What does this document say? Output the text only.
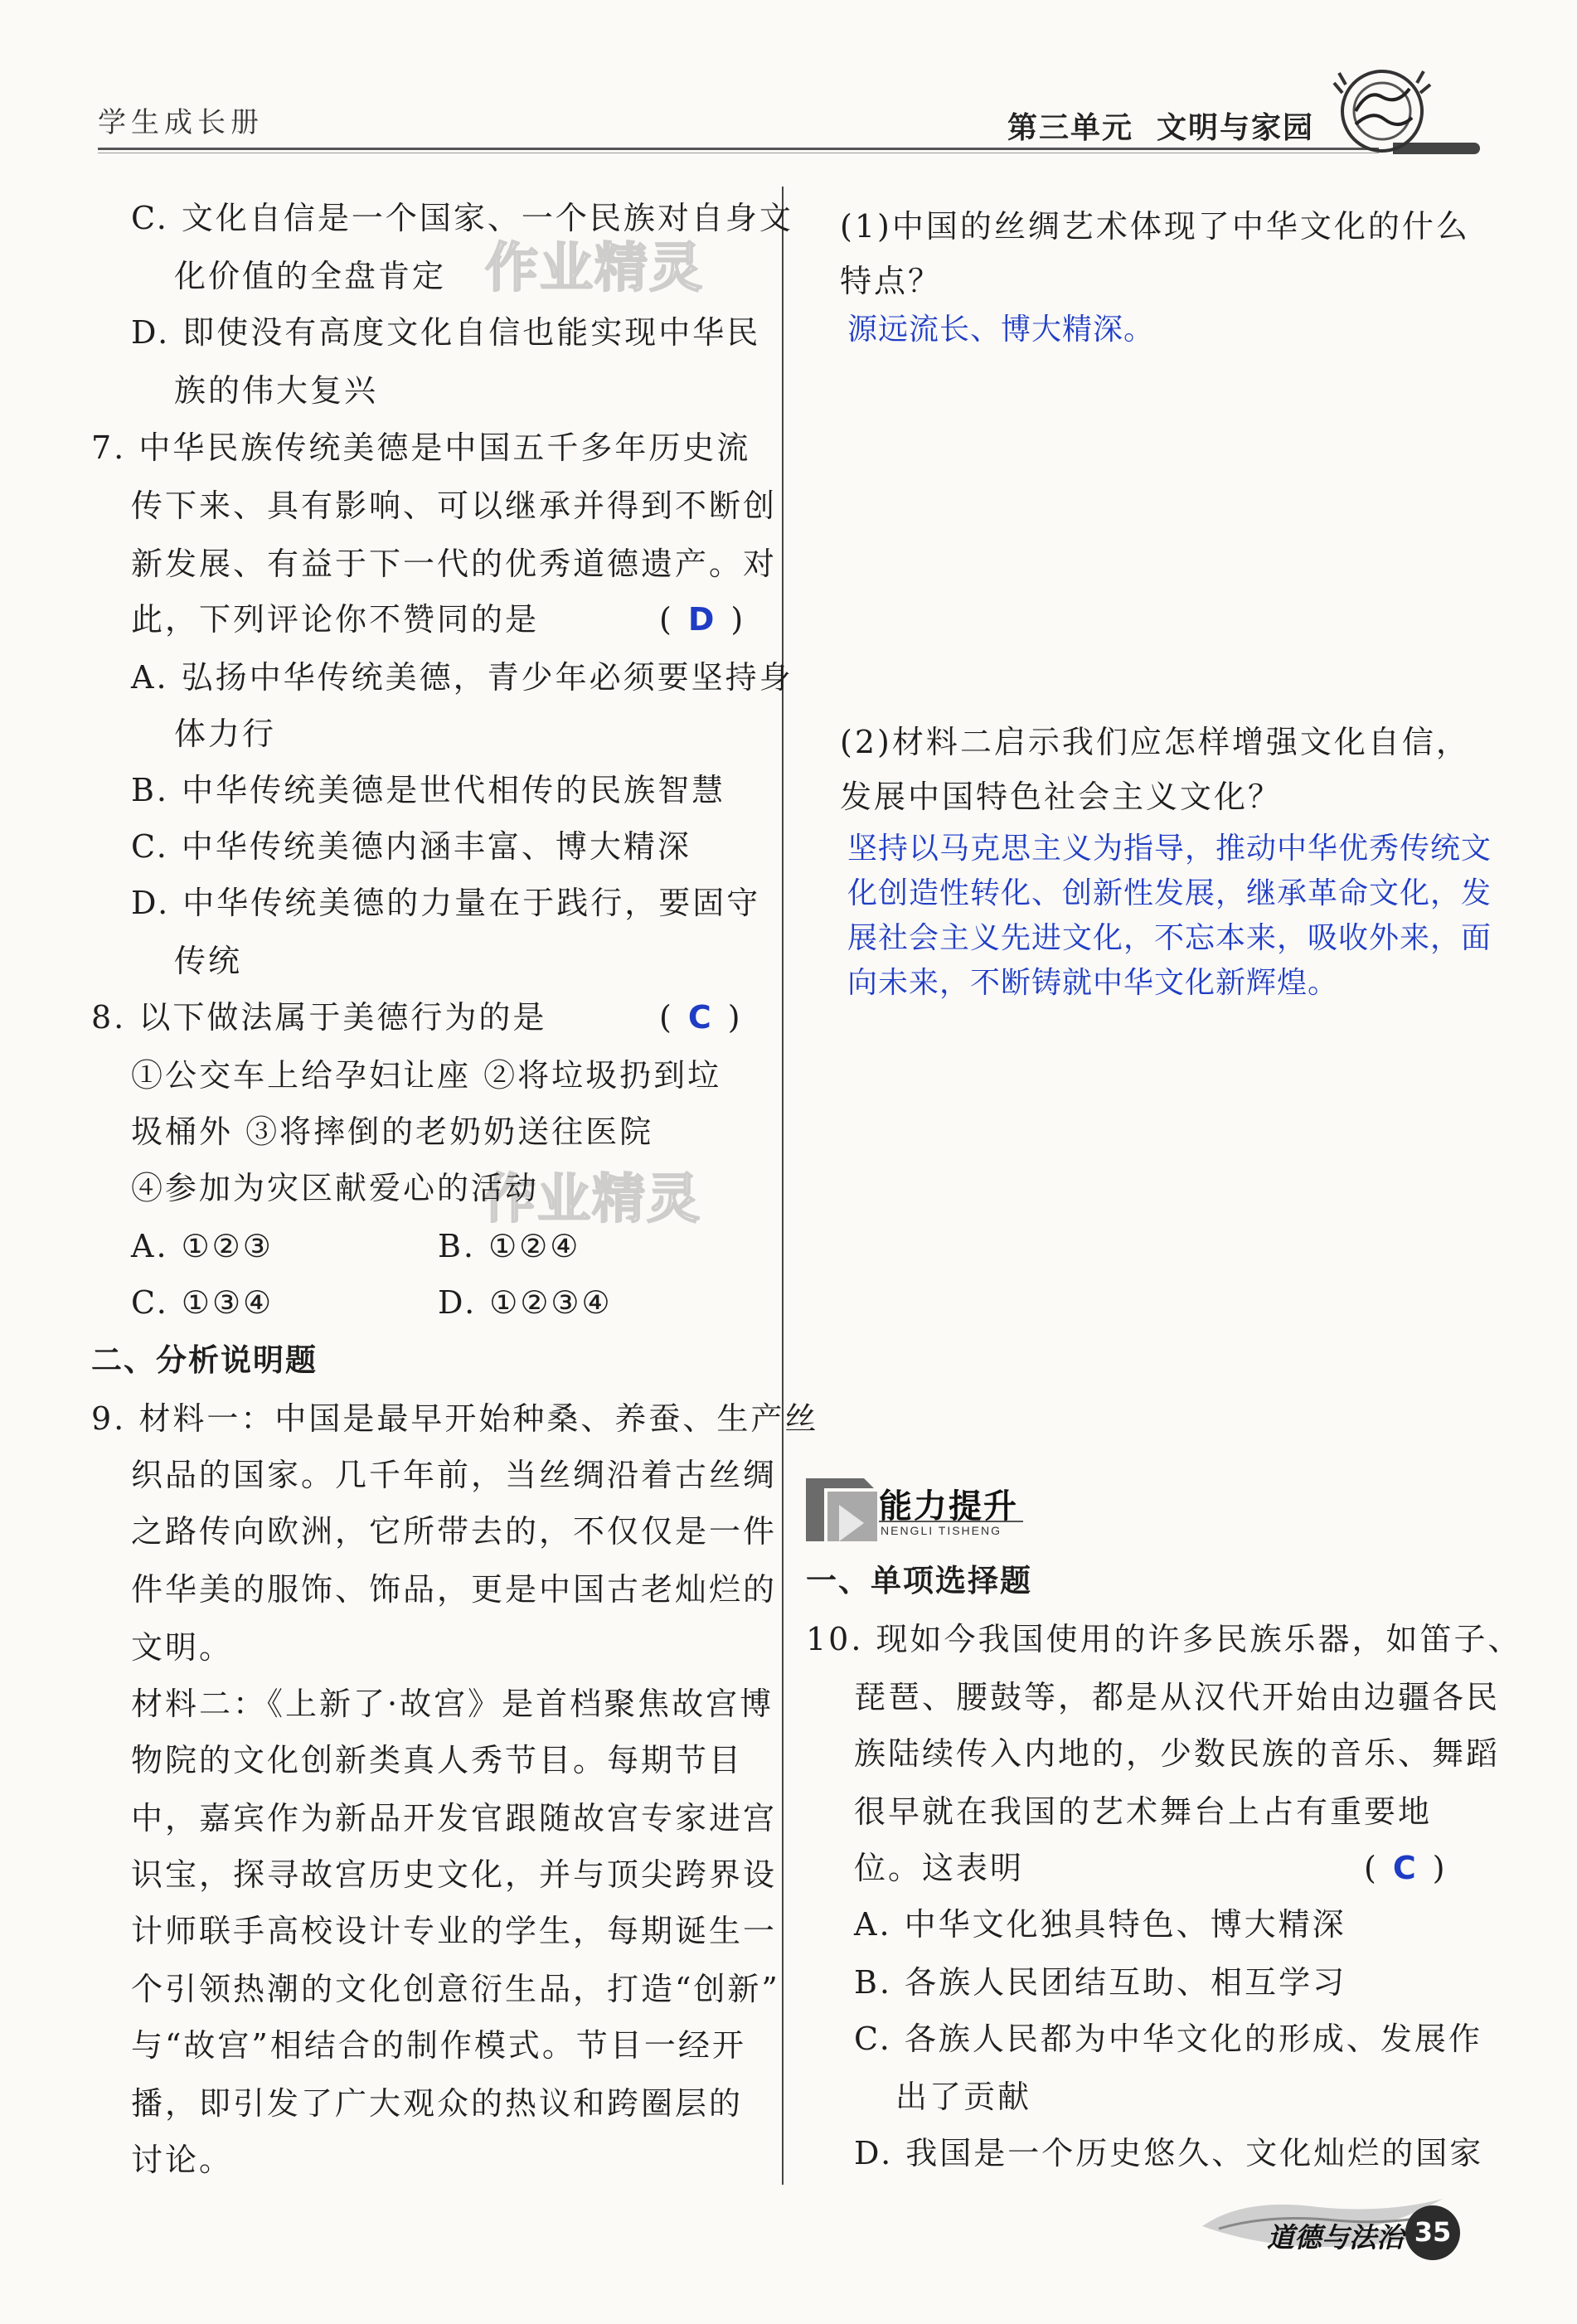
学生成长册	第三单元 文明与家园
作业精灵
作业精灵
C. 文化自信是一个国家、一个民族对自身文
化价值的全盘肯定
D. 即使没有高度文化自信也能实现中华民
族的伟大复兴
7. 中华民族传统美德是中国五千多年历史流
传下来、具有影响、可以继承并得到不断创
新发展、有益于下一代的优秀道德遗产。对
此，下列评论你不赞同的是	( D )
A. 弘扬中华传统美德，青少年必须要坚持身
体力行
B. 中华传统美德是世代相传的民族智慧
C. 中华传统美德内涵丰富、博大精深
D. 中华传统美德的力量在于践行，要固守
传统
8. 以下做法属于美德行为的是	( C )
①公交车上给孕妇让座 ②将垃圾扔到垃
圾桶外 ③将摔倒的老奶奶送往医院
④参加为灾区献爱心的活动
A. ①②③	B. ①②④
C. ①③④	D. ①②③④
二、分析说明题
9. 材料一：中国是最早开始种桑、养蚕、生产丝
织品的国家。几千年前，当丝绸沿着古丝绸
之路传向欧洲，它所带去的，不仅仅是一件
件华美的服饰、饰品，更是中国古老灿烂的
文明。
材料二：《上新了·故宫》是首档聚焦故宫博
物院的文化创新类真人秀节目。每期节目
中，嘉宾作为新品开发官跟随故宫专家进宫
识宝，探寻故宫历史文化，并与顶尖跨界设
计师联手高校设计专业的学生，每期诞生一
个引领热潮的文化创意衍生品，打造“创新”
与“故宫”相结合的制作模式。节目一经开
播，即引发了广大观众的热议和跨圈层的
讨论。
(1)中国的丝绸艺术体现了中华文化的什么
特点？
源远流长、博大精深。
(2)材料二启示我们应怎样增强文化自信，
发展中国特色社会主义文化？
坚持以马克思主义为指导，推动中华优秀传统文
化创造性转化、创新性发展，继承革命文化，发
展社会主义先进文化，不忘本来，吸收外来，面
向未来，不断铸就中华文化新辉煌。
能力提升
NENGLI TISHENG
一、单项选择题
10. 现如今我国使用的许多民族乐器，如笛子、
琵琶、腰鼓等，都是从汉代开始由边疆各民
族陆续传入内地的，少数民族的音乐、舞蹈
很早就在我国的艺术舞台上占有重要地
位。这表明	( C )
A. 中华文化独具特色、博大精深
B. 各族人民团结互助、相互学习
C. 各族人民都为中华文化的形成、发展作
出了贡献
D. 我国是一个历史悠久、文化灿烂的国家
道德与法治 35
